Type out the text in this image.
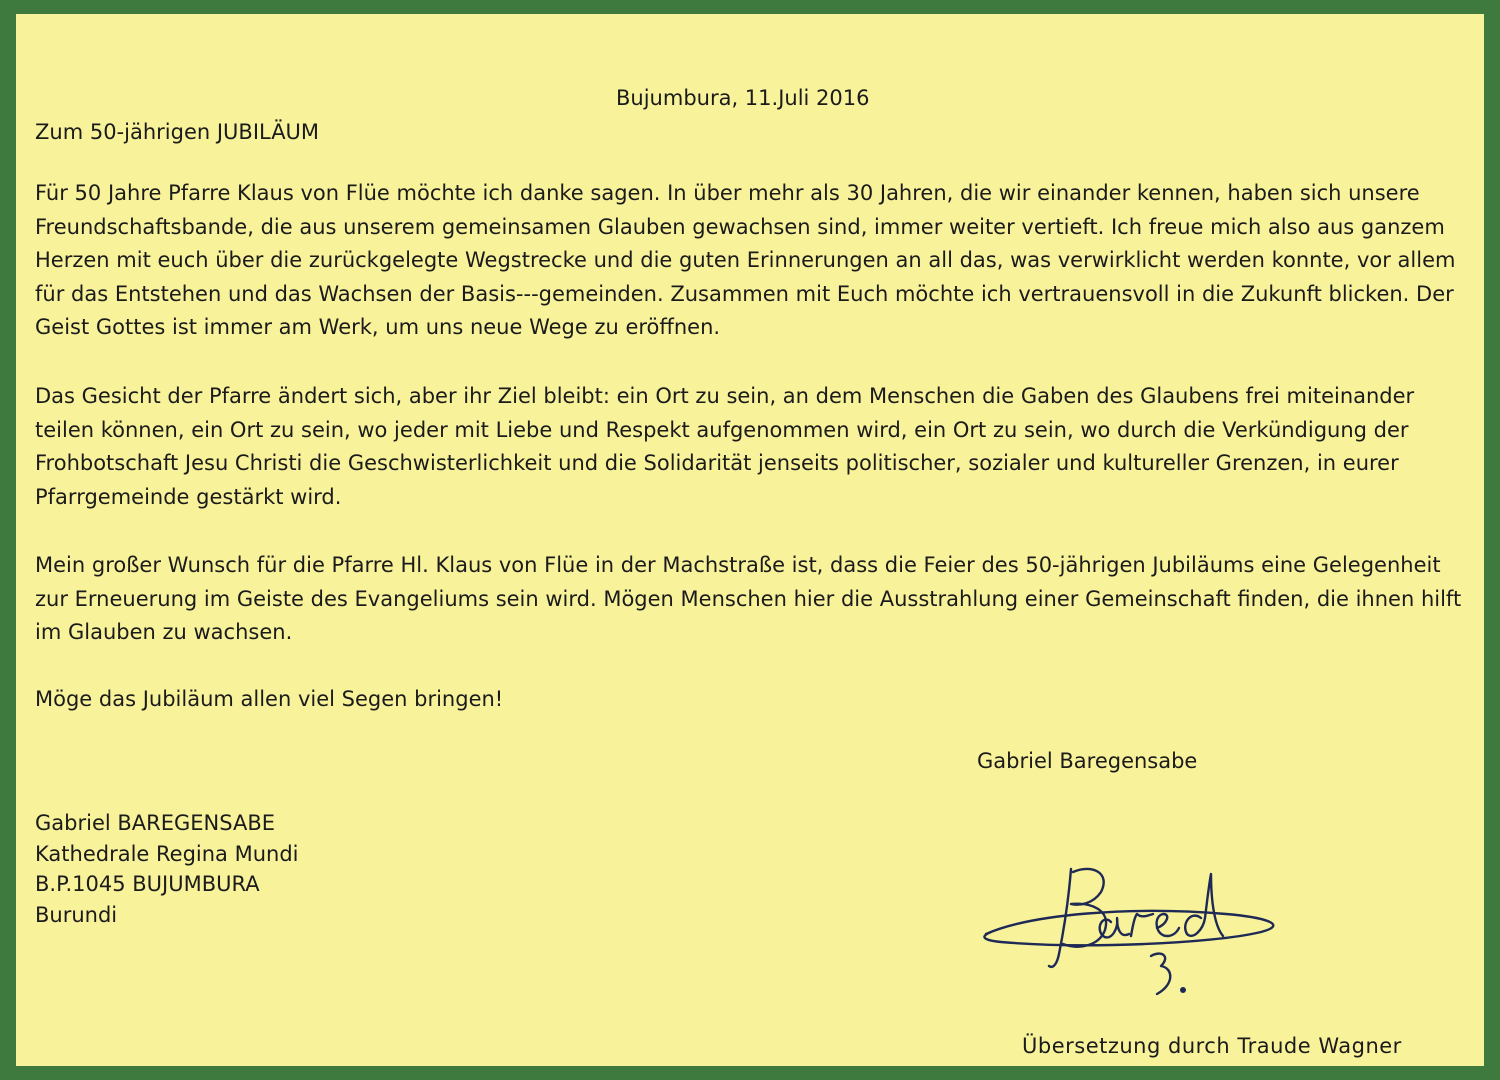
Bujumbura, 11.Juli 2016

Zum 50-jährigen JUBILÄUM

Für 50 Jahre Pfarre Klaus von Flüe möchte ich danke sagen. In über mehr als 30 Jahren, die wir einander kennen, haben sich unsere Freundschaftsbande, die aus unserem gemeinsamen Glauben gewachsen sind, immer weiter vertieft. Ich freue mich also aus ganzem Herzen mit euch über die zurückgelegte Wegstrecke und die guten Erinnerungen an all das, was verwirklicht werden konnte, vor allem für das Entstehen und das Wachsen der Basis---gemeinden. Zusammen mit Euch möchte ich vertrauensvoll in die Zukunft blicken. Der Geist Gottes ist immer am Werk, um uns neue Wege zu eröffnen.

Das Gesicht der Pfarre ändert sich, aber ihr Ziel bleibt: ein Ort zu sein, an dem Menschen die Gaben des Glaubens frei miteinander teilen können, ein Ort zu sein, wo jeder mit Liebe und Respekt aufgenommen wird, ein Ort zu sein, wo durch die Verkündigung der Frohbotschaft Jesu Christi die Geschwisterlichkeit und die Solidarität jenseits politischer, sozialer und kultureller Grenzen, in eurer Pfarrgemeinde gestärkt wird.

Mein großer Wunsch für die Pfarre Hl. Klaus von Flüe in der Machstraße ist, dass die Feier des 50-jährigen Jubiläums eine Gelegenheit zur Erneuerung im Geiste des Evangeliums sein wird. Mögen Menschen hier die Ausstrahlung einer Gemeinschaft finden, die ihnen hilft im Glauben zu wachsen.

Möge das Jubiläum allen viel Segen bringen!

Gabriel Baregensabe

Gabriel BAREGENSABE
Kathedrale Regina Mundi
B.P.1045 BUJUMBURA
Burundi

Übersetzung durch Traude Wagner
